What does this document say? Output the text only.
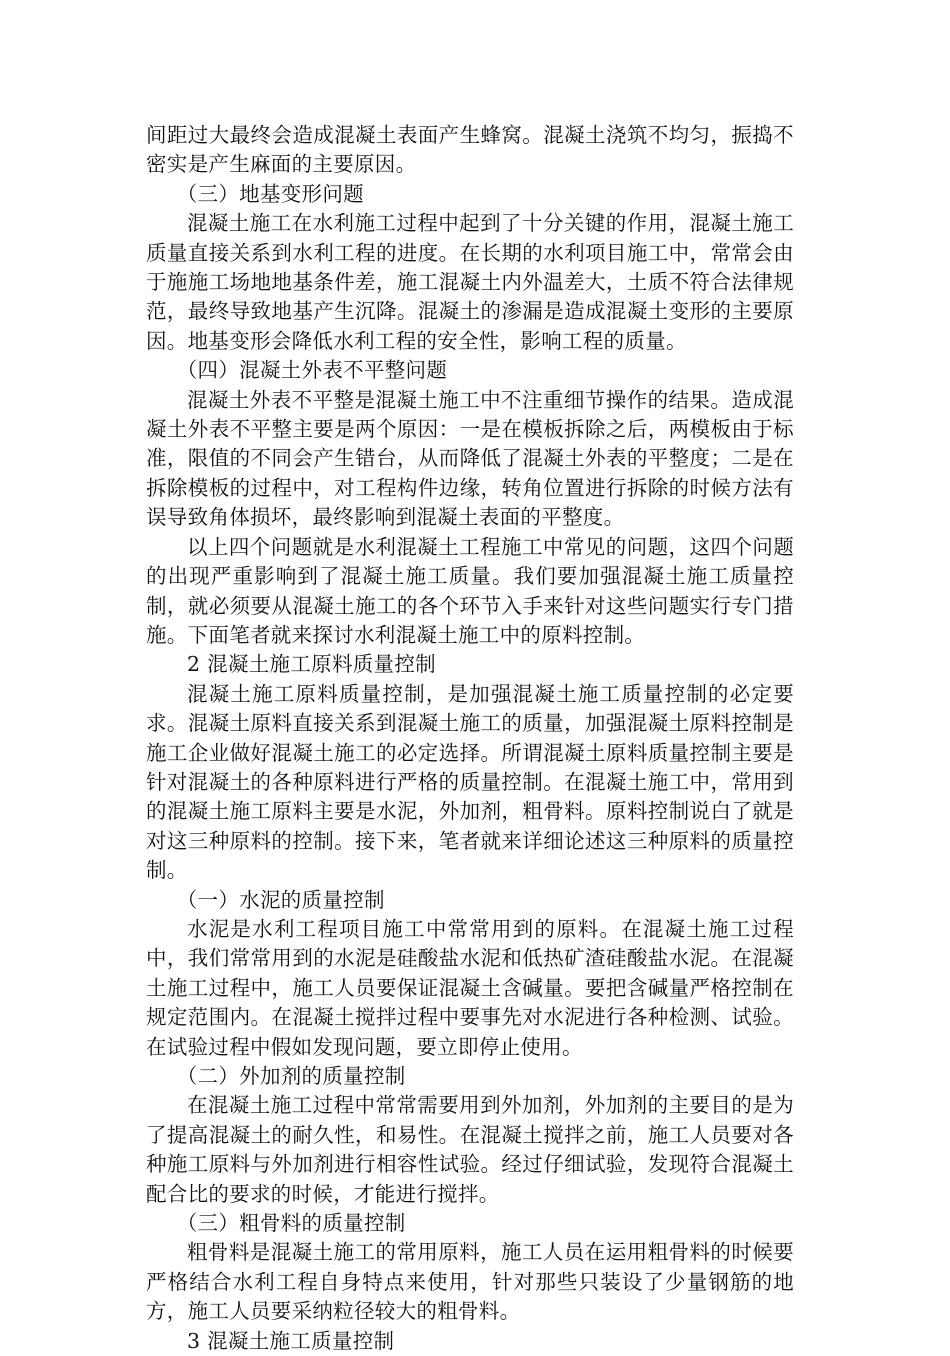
间距过大最终会造成混凝土表面产生蜂窝。混凝土浇筑不均匀，振捣不密实是产生麻面的主要原因。

（三）地基变形问题

混凝土施工在水利施工过程中起到了十分关键的作用，混凝土施工质量直接关系到水利工程的进度。在长期的水利项目施工中，常常会由于施施工场地地基条件差，施工混凝土内外温差大，土质不符合法律规范，最终导致地基产生沉降。混凝土的渗漏是造成混凝土变形的主要原因。地基变形会降低水利工程的安全性，影响工程的质量。

（四）混凝土外表不平整问题

混凝土外表不平整是混凝土施工中不注重细节操作的结果。造成混凝土外表不平整主要是两个原因：一是在模板拆除之后，两模板由于标准，限值的不同会产生错台，从而降低了混凝土外表的平整度；二是在拆除模板的过程中，对工程构件边缘，转角位置进行拆除的时候方法有误导致角体损坏，最终影响到混凝土表面的平整度。

以上四个问题就是水利混凝土工程施工中常见的问题，这四个问题的出现严重影响到了混凝土施工质量。我们要加强混凝土施工质量控制，就必须要从混凝土施工的各个环节入手来针对这些问题实行专门措施。下面笔者就来探讨水利混凝土施工中的原料控制。

2 混凝土施工原料质量控制

混凝土施工原料质量控制，是加强混凝土施工质量控制的必定要求。混凝土原料直接关系到混凝土施工的质量，加强混凝土原料控制是施工企业做好混凝土施工的必定选择。所谓混凝土原料质量控制主要是针对混凝土的各种原料进行严格的质量控制。在混凝土施工中，常用到的混凝土施工原料主要是水泥，外加剂，粗骨料。原料控制说白了就是对这三种原料的控制。接下来，笔者就来详细论述这三种原料的质量控制。

（一）水泥的质量控制

水泥是水利工程项目施工中常常用到的原料。在混凝土施工过程中，我们常常用到的水泥是硅酸盐水泥和低热矿渣硅酸盐水泥。在混凝土施工过程中，施工人员要保证混凝土含碱量。要把含碱量严格控制在规定范围内。在混凝土搅拌过程中要事先对水泥进行各种检测、试验。在试验过程中假如发现问题，要立即停止使用。

（二）外加剂的质量控制

在混凝土施工过程中常常需要用到外加剂，外加剂的主要目的是为了提高混凝土的耐久性，和易性。在混凝土搅拌之前，施工人员要对各种施工原料与外加剂进行相容性试验。经过仔细试验，发现符合混凝土配合比的要求的时候，才能进行搅拌。

（三）粗骨料的质量控制

粗骨料是混凝土施工的常用原料，施工人员在运用粗骨料的时候要严格结合水利工程自身特点来使用，针对那些只装设了少量钢筋的地方，施工人员要采纳粒径较大的粗骨料。

3 混凝土施工质量控制
